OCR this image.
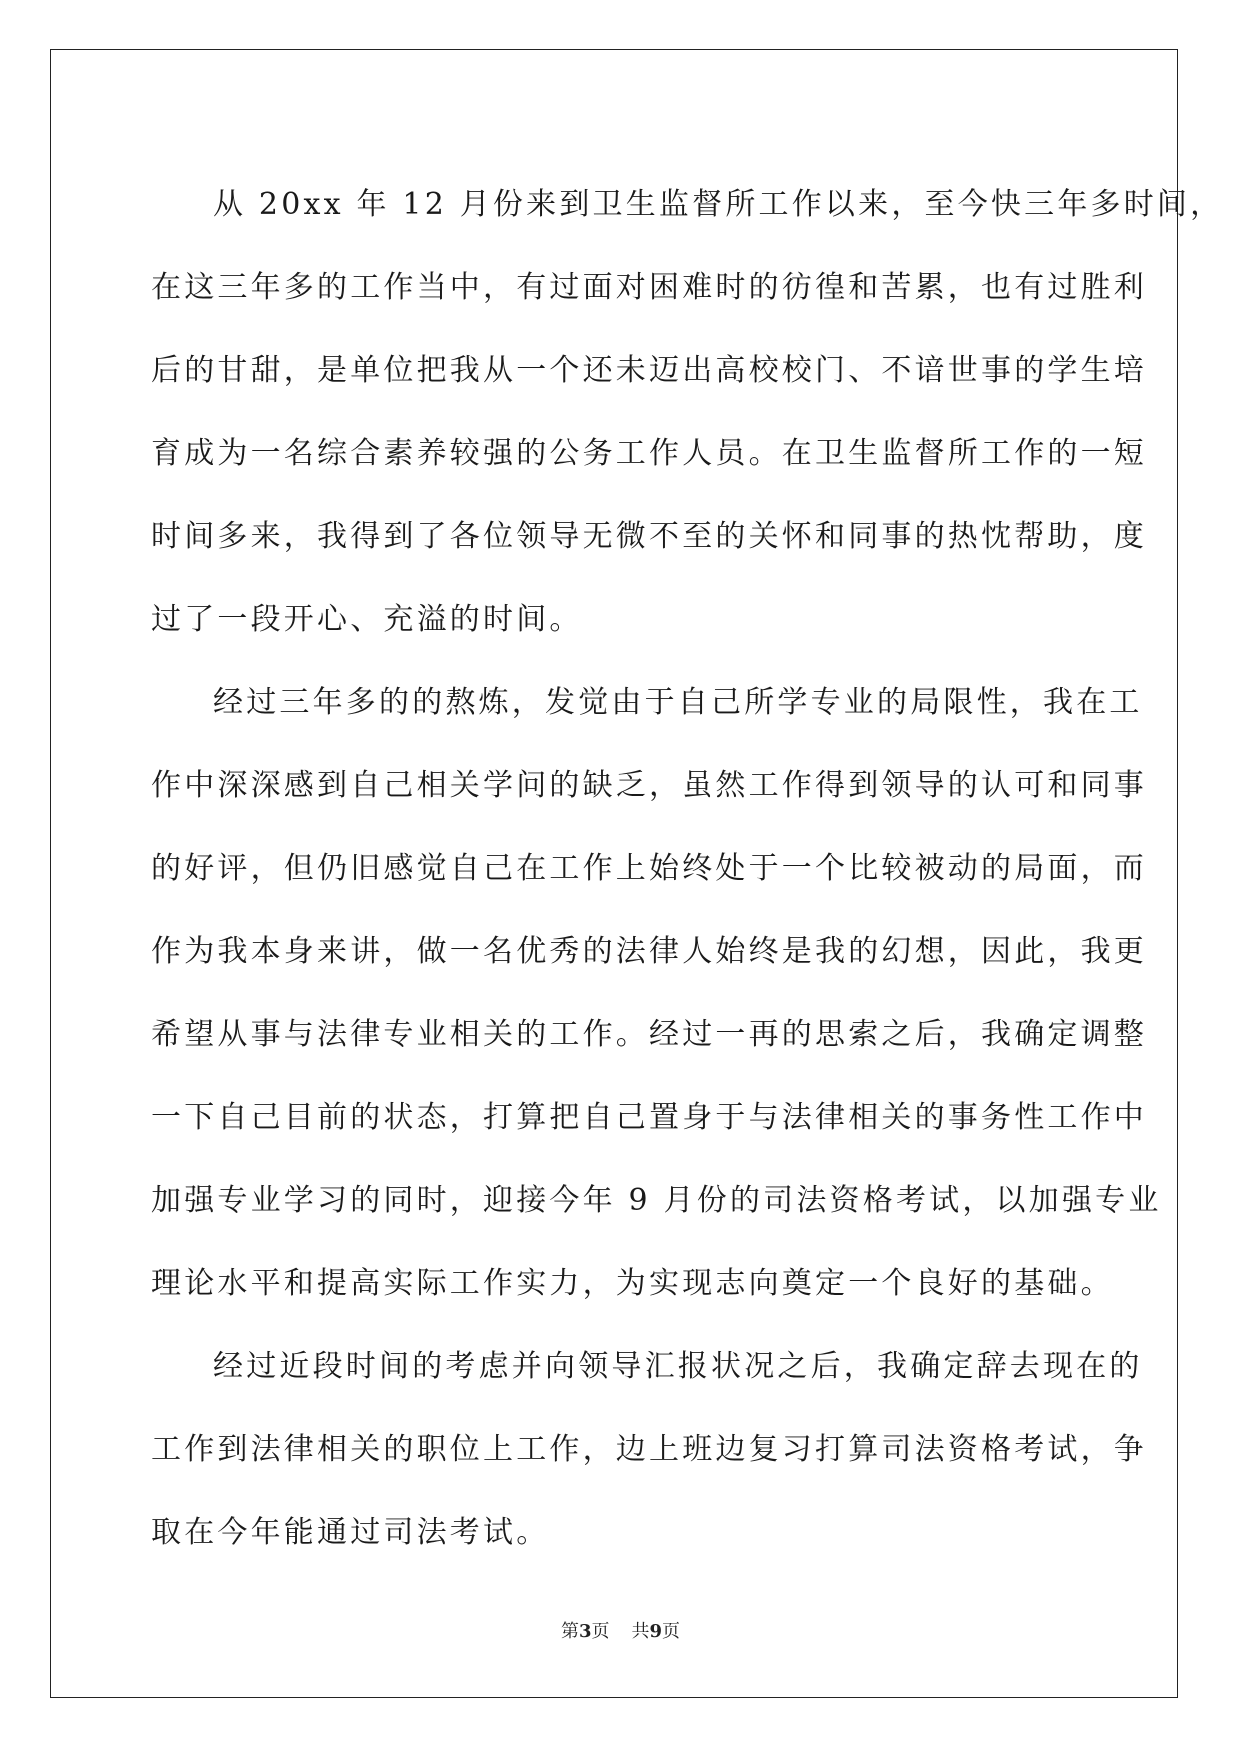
从 20xx 年 12 月份来到卫生监督所工作以来，至今快三年多时间，
在这三年多的工作当中，有过面对困难时的彷徨和苦累，也有过胜利
后的甘甜，是单位把我从一个还未迈出高校校门、不谙世事的学生培
育成为一名综合素养较强的公务工作人员。在卫生监督所工作的一短
时间多来，我得到了各位领导无微不至的关怀和同事的热忱帮助，度
过了一段开心、充溢的时间。
经过三年多的的熬炼，发觉由于自己所学专业的局限性，我在工
作中深深感到自己相关学问的缺乏，虽然工作得到领导的认可和同事
的好评，但仍旧感觉自己在工作上始终处于一个比较被动的局面，而
作为我本身来讲，做一名优秀的法律人始终是我的幻想，因此，我更
希望从事与法律专业相关的工作。经过一再的思索之后，我确定调整
一下自己目前的状态，打算把自己置身于与法律相关的事务性工作中
加强专业学习的同时，迎接今年 9 月份的司法资格考试，以加强专业
理论水平和提高实际工作实力，为实现志向奠定一个良好的基础。
经过近段时间的考虑并向领导汇报状况之后，我确定辞去现在的
工作到法律相关的职位上工作，边上班边复习打算司法资格考试，争
取在今年能通过司法考试。
第3页 共9页
